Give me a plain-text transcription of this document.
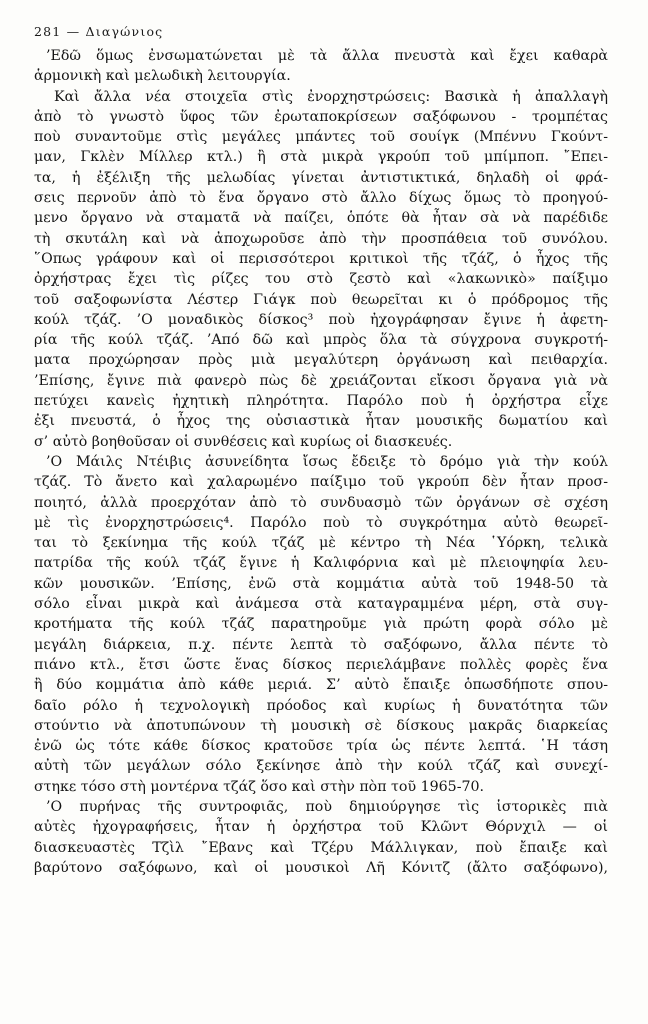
281 — Διαγώνιος
’Εδῶ ὅμως ἐνσωματώνεται μὲ τὰ ἄλλα πνευστὰ καὶ ἔχει καθαρὰ
ἁρμονικὴ καὶ μελωδικὴ λειτουργία.
Καὶ ἄλλα νέα στοιχεῖα στὶς ἐνορχηστρώσεις: Βασικὰ ἡ ἀπαλλαγὴ
ἀπὸ τὸ γνωστὸ ὕφος τῶν ἐρωταποκρίσεων σαξόφωνου - τρομπέτας
ποὺ συναντοῦμε στὶς μεγάλες μπάντες τοῦ σουίγκ (Μπέννυ Γκούντ-
μαν, Γκλὲν Μίλλερ κτλ.) ἢ στὰ μικρὰ γκρούπ τοῦ μπίμποπ. ῎Επει-
τα, ἡ ἐξέλιξη τῆς μελωδίας γίνεται ἀντιστικτικά, δηλαδὴ οἱ φρά-
σεις περνοῦν ἀπὸ τὸ ἕνα ὄργανο στὸ ἄλλο δίχως ὅμως τὸ προηγού-
μενο ὄργανο νὰ σταματᾶ νὰ παίζει, ὁπότε θὰ ἦταν σὰ νὰ παρέδιδε
τὴ σκυτάλη καὶ νὰ ἀποχωροῦσε ἀπὸ τὴν προσπάθεια τοῦ συνόλου.
῞Οπως γράφουν καὶ οἱ περισσότεροι κριτικοὶ τῆς τζάζ, ὁ ἦχος τῆς
ὀρχήστρας ἔχει τὶς ρίζες του στὸ ζεστὸ καὶ «λακωνικὸ» παίξιμο
τοῦ σαξοφωνίστα Λέστερ Γιάγκ ποὺ θεωρεῖται κι ὁ πρόδρομος τῆς
κούλ τζάζ. ’Ο μοναδικὸς δίσκος³ ποὺ ἠχογράφησαν ἔγινε ἡ ἀφετη-
ρία τῆς κούλ τζάζ. ’Από δῶ καὶ μπρὸς ὅλα τὰ σύγχρονα συγκροτή-
ματα προχώρησαν πρὸς μιὰ μεγαλύτερη ὀργάνωση καὶ πειθαρχία.
’Επίσης, ἔγινε πιὰ φανερὸ πὼς δὲ χρειάζονται εἴκοσι ὄργανα γιὰ νὰ
πετύχει κανεὶς ἠχητικὴ πληρότητα. Παρόλο ποὺ ἡ ὀρχήστρα εἶχε
ἐξι πνευστά, ὁ ἦχος της οὐσιαστικὰ ἦταν μουσικῆς δωματίου καὶ
σ’ αὐτὸ βοηθοῦσαν οἱ συνθέσεις καὶ κυρίως οἱ διασκευές.
’Ο Μάιλς Ντέιβις ἀσυνείδητα ἴσως ἔδειξε τὸ δρόμο γιὰ τὴν κούλ
τζάζ. Τὸ ἄνετο καὶ χαλαρωμένο παίξιμο τοῦ γκρούπ δὲν ἦταν προσ-
ποιητό, ἀλλὰ προερχόταν ἀπὸ τὸ συνδυασμὸ τῶν ὀργάνων σὲ σχέση
μὲ τὶς ἐνορχηστρώσεις⁴. Παρόλο ποὺ τὸ συγκρότημα αὐτὸ θεωρεῖ-
ται τὸ ξεκίνημα τῆς κούλ τζάζ μὲ κέντρο τὴ Νέα ῾Υόρκη, τελικὰ
πατρίδα τῆς κούλ τζάζ ἔγινε ἡ Καλιφόρνια καὶ μὲ πλειοψηφία λευ-
κῶν μουσικῶν. ’Επίσης, ἐνῶ στὰ κομμάτια αὐτὰ τοῦ 1948-50 τὰ
σόλο εἶναι μικρὰ καὶ ἀνάμεσα στὰ καταγραμμένα μέρη, στὰ συγ-
κροτήματα τῆς κούλ τζάζ παρατηροῦμε γιὰ πρώτη φορὰ σόλο μὲ
μεγάλη διάρκεια, π.χ. πέντε λεπτὰ τὸ σαξόφωνο, ἄλλα πέντε τὸ
πιάνο κτλ., ἔτσι ὥστε ἕνας δίσκος περιελάμβανε πολλὲς φορὲς ἕνα
ἢ δύο κομμάτια ἀπὸ κάθε μεριά. Σ’ αὐτὸ ἔπαιξε ὁπωσδήποτε σπου-
δαῖο ρόλο ἡ τεχνολογικὴ πρόοδος καὶ κυρίως ἡ δυνατότητα τῶν
στούντιο νὰ ἀποτυπώνουν τὴ μουσικὴ σὲ δίσκους μακρᾶς διαρκείας
ἐνῶ ὡς τότε κάθε δίσκος κρατοῦσε τρία ὡς πέντε λεπτά. ῾Η τάση
αὐτὴ τῶν μεγάλων σόλο ξεκίνησε ἀπὸ τὴν κούλ τζάζ καὶ συνεχί-
στηκε τόσο στὴ μοντέρνα τζάζ ὅσο καὶ στὴν πὸπ τοῦ 1965-70.
’Ο πυρήνας τῆς συντροφιᾶς, ποὺ δημιούργησε τὶς ἱστορικὲς πιὰ
αὐτὲς ἠχογραφήσεις, ἦταν ἡ ὀρχήστρα τοῦ Κλῶντ Θόρνχιλ — οἱ
διασκευαστὲς Τζὶλ ῎Εβανς καὶ Τζέρυ Μάλλιγκαν, ποὺ ἔπαιξε καὶ
βαρύτονο σαξόφωνο, καὶ οἱ μουσικοὶ Λῆ Κόνιτζ (ἄλτο σαξόφωνο),
